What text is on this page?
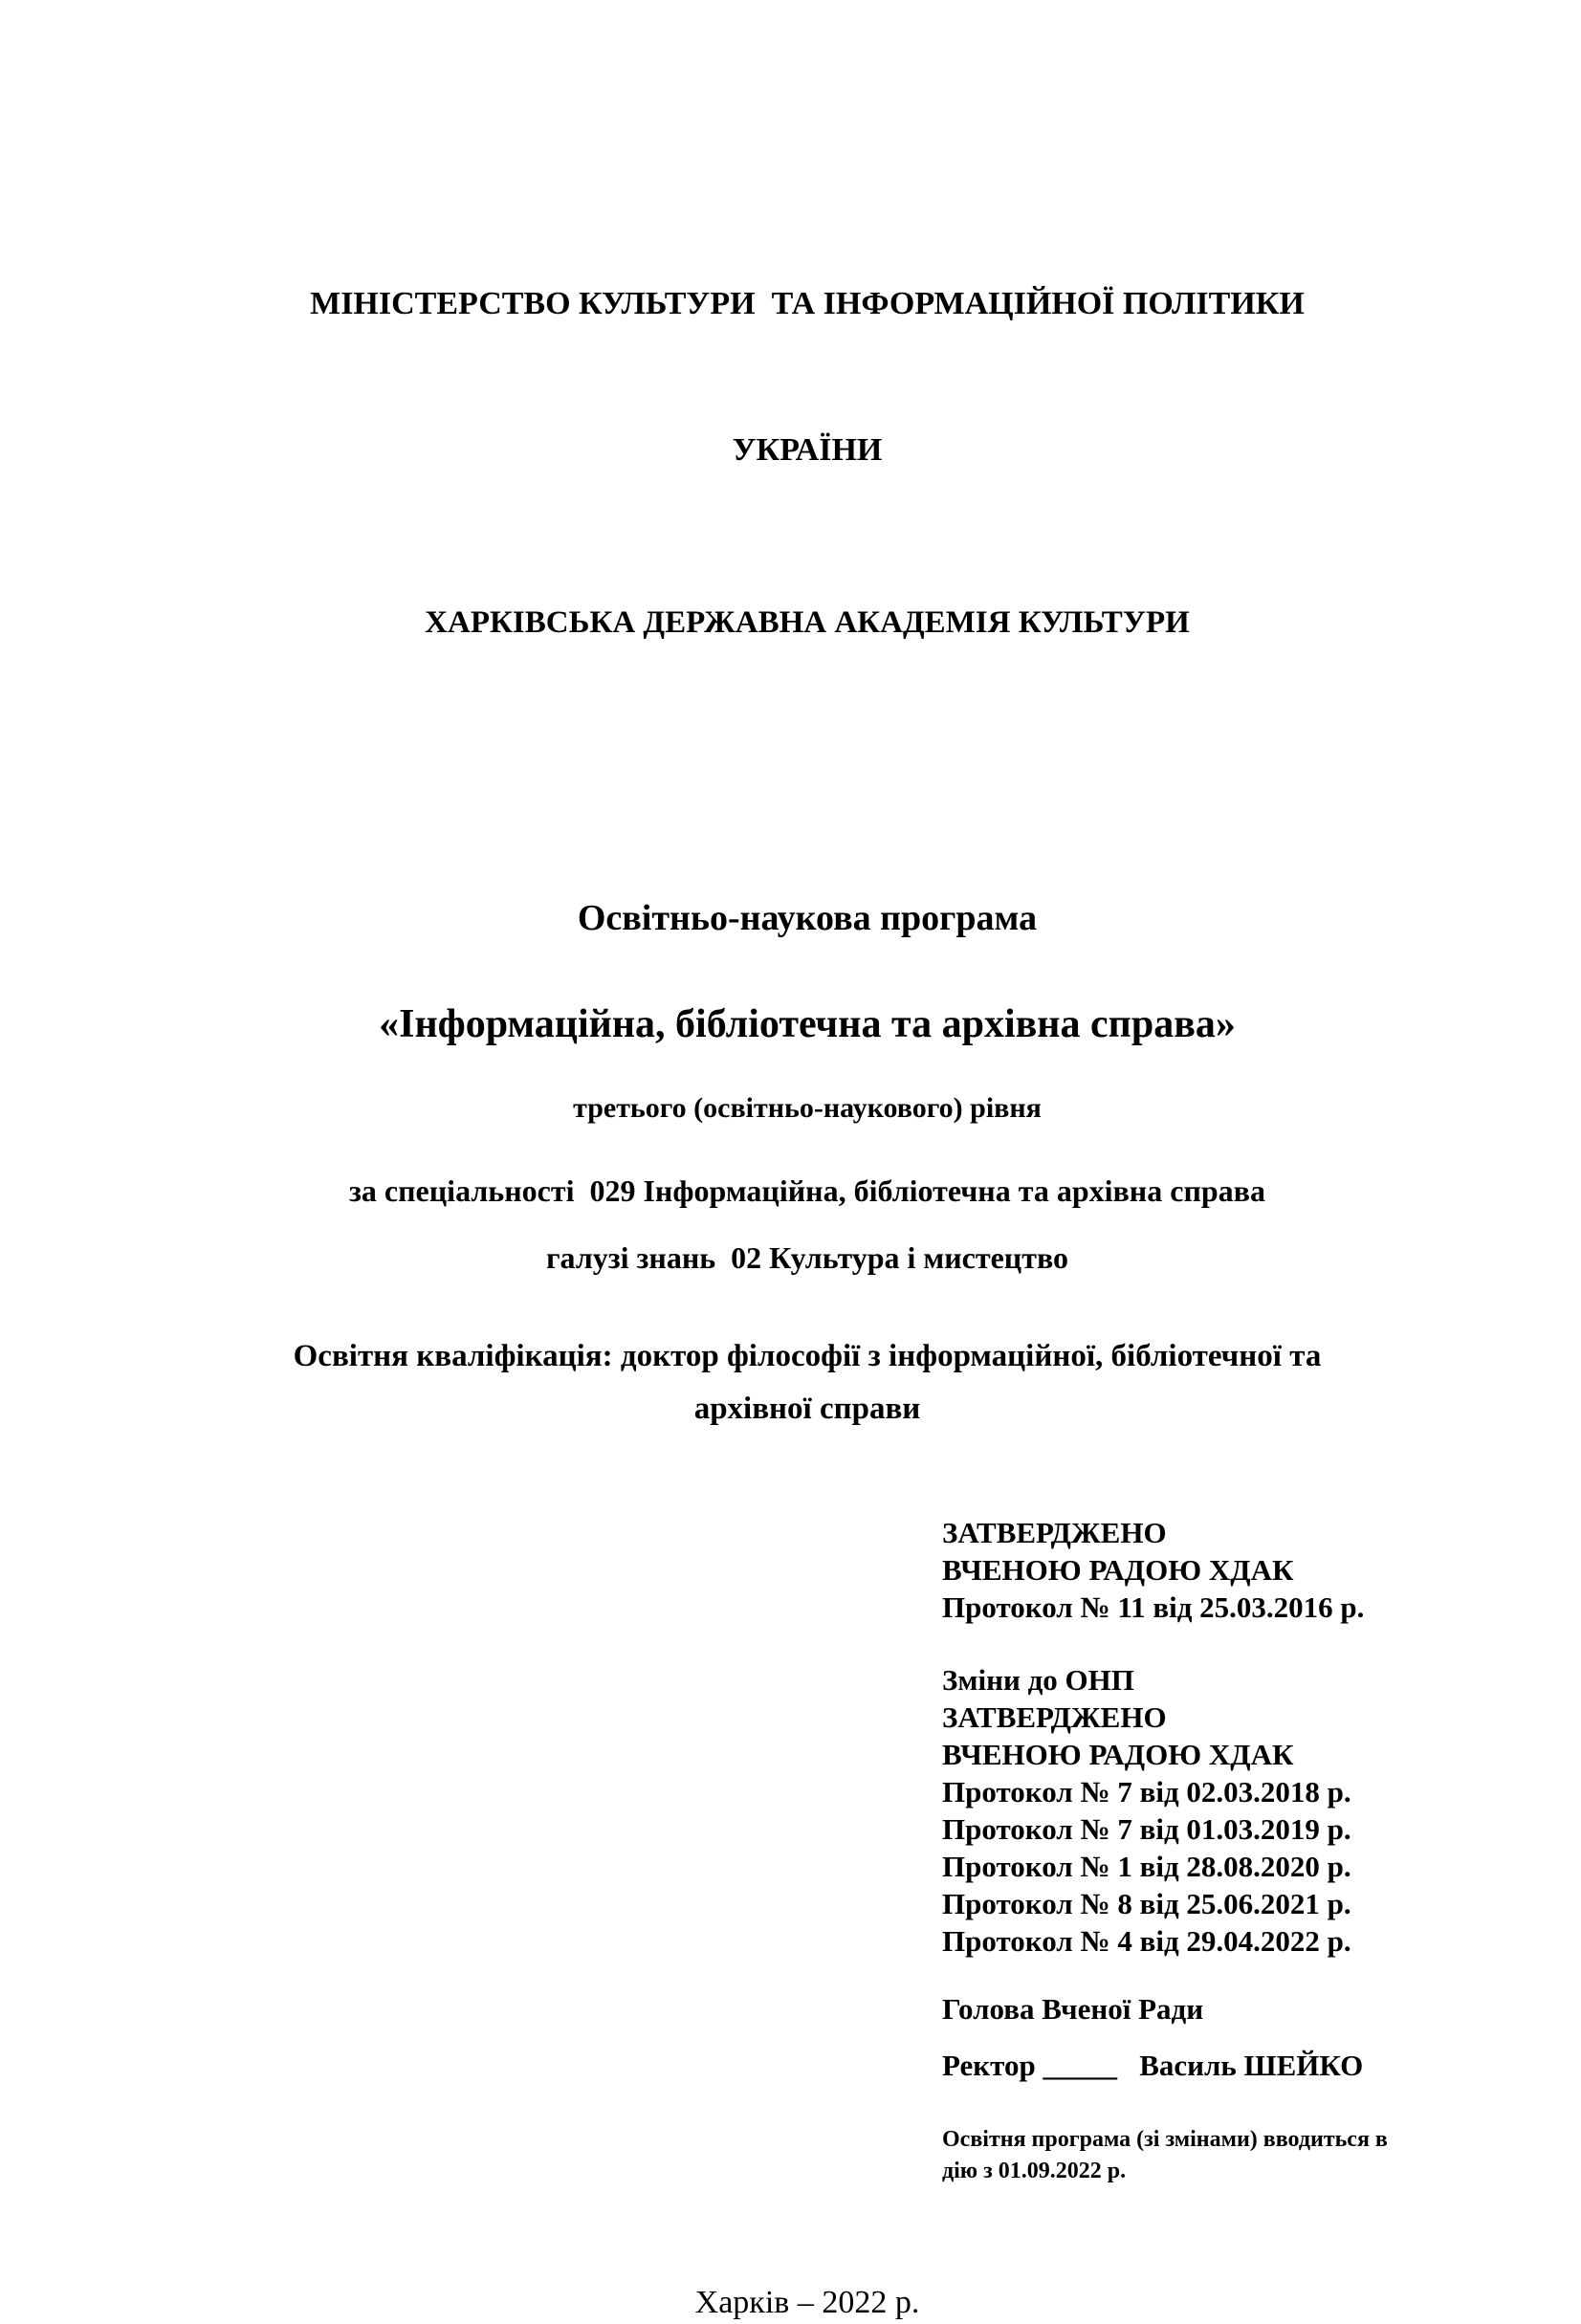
МІНІСТЕРСТВО КУЛЬТУРИ  ТА ІНФОРМАЦІЙНОЇ ПОЛІТИКИ

УКРАЇНИ

ХАРКІВСЬКА ДЕРЖАВНА АКАДЕМІЯ КУЛЬТУРИ
Освітньо-наукова програма
«Інформаційна, бібліотечна та архівна справа»
третього (освітньо-наукового) рівня
за спеціальності  029 Інформаційна, бібліотечна та архівна справа
галузі знань  02 Культура і мистецтво
Освітня кваліфікація: доктор філософії з інформаційної, бібліотечної та
архівної справи
ЗАТВЕРДЖЕНО
ВЧЕНОЮ РАДОЮ ХДАК
Протокол № 11 від 25.03.2016 р.
Зміни до ОНП
ЗАТВЕРДЖЕНО
ВЧЕНОЮ РАДОЮ ХДАК
Протокол № 7 від 02.03.2018 р.
Протокол № 7 від 01.03.2019 р.
Протокол № 1 від 28.08.2020 р.
Протокол № 8 від 25.06.2021 р.
Протокол № 4 від 29.04.2022 р.
Голова Вченої Ради
Ректор _____   Василь ШЕЙКО
Освітня програма (зі змінами) вводиться в
дію з 01.09.2022 р.
Харків – 2022 р.
